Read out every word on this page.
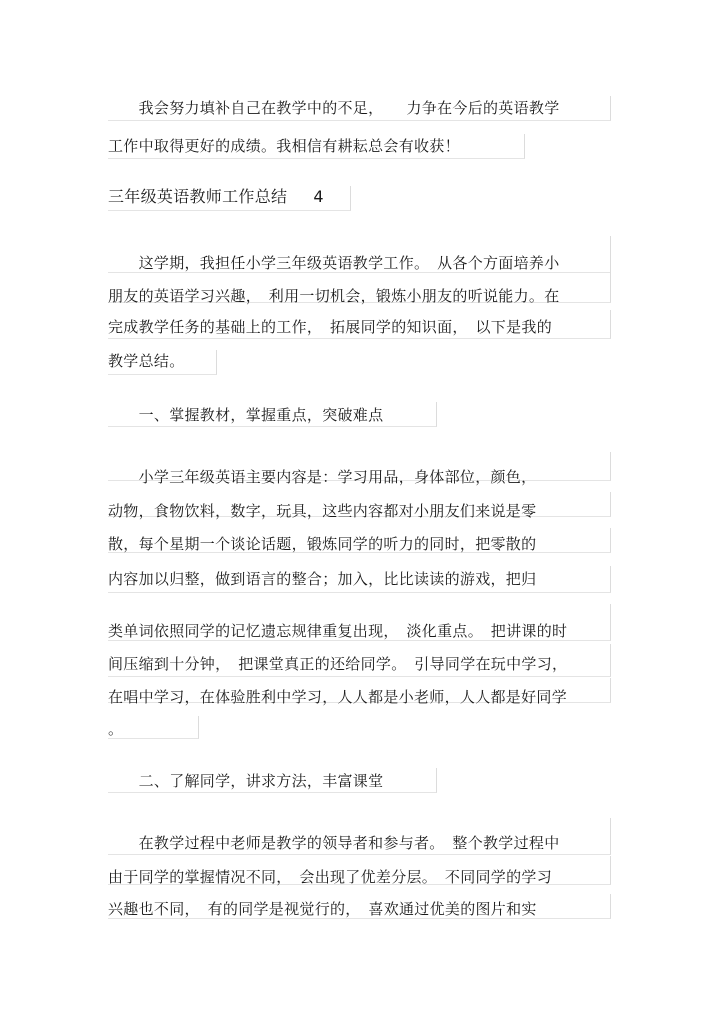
　　我会努力填补自己在教学中的不足，　　力争在今后的英语教学
工作中取得更好的成绩。我相信有耕耘总会有收获！
三年级英语教师工作总结 4
　　这学期，我担任小学三年级英语教学工作。　从各个方面培养小
朋友的英语学习兴趣，　利用一切机会，锻炼小朋友的听说能力。在
完成教学任务的基础上的工作，　拓展同学的知识面，　以下是我的
教学总结。
　　一、掌握教材，掌握重点，突破难点
　　小学三年级英语主要内容是：学习用品，身体部位，颜色，
动物，食物饮料，数字，玩具，这些内容都对小朋友们来说是零
散，每个星期一个谈论话题，锻炼同学的听力的同时，把零散的
内容加以归整，做到语言的整合；加入，比比读读的游戏，把归
类单词依照同学的记忆遗忘规律重复出现，　淡化重点。　把讲课的时
间压缩到十分钟，　把课堂真正的还给同学。　引导同学在玩中学习，
在唱中学习，在体验胜利中学习，人人都是小老师，人人都是好同学
。
　　二、了解同学，讲求方法，丰富课堂
　　在教学过程中老师是教学的领导者和参与者。　整个教学过程中
由于同学的掌握情况不同，　会出现了优差分层。　不同同学的学习
兴趣也不同，　有的同学是视觉行的，　喜欢通过优美的图片和实
